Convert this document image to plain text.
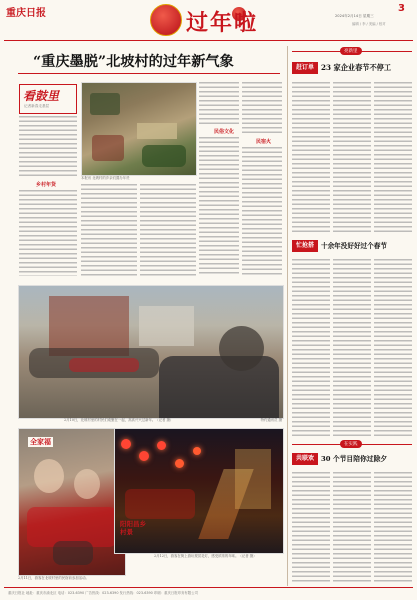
重庆日报	过年啦	2024年2月14日 星期三
3
编辑 / 李 / 美编 / 校对
“重庆墨脱”北坡村的过年新气象
看鼓里
记者新春走基层
乡村年货
本报讯 北坡村的乡亲们置办年货
民俗文化
民宿火
2月10日，北坡村里的村民们欢聚在一起，高高兴兴过新年。（记者 摄）	特约通讯员 摄
全家福
2月11日，游客在北坡村里的民宿前参加活动。
阳阳昌乡村景
2月12日，游客在街上游玩观赏花灯，感受浓浓的年味。（记者 摄）
亮新里
赶订单 23 家企业春节不停工
忙抢搭	十余年没好好过个春节
在实践
共联欢	30 个节目陪你过除夕
重庆日报社 地址：重庆市渝北区 电话：023-6390 广告热线：023-6390 发行热线：023-6390 印刷：重庆日报印务有限公司
